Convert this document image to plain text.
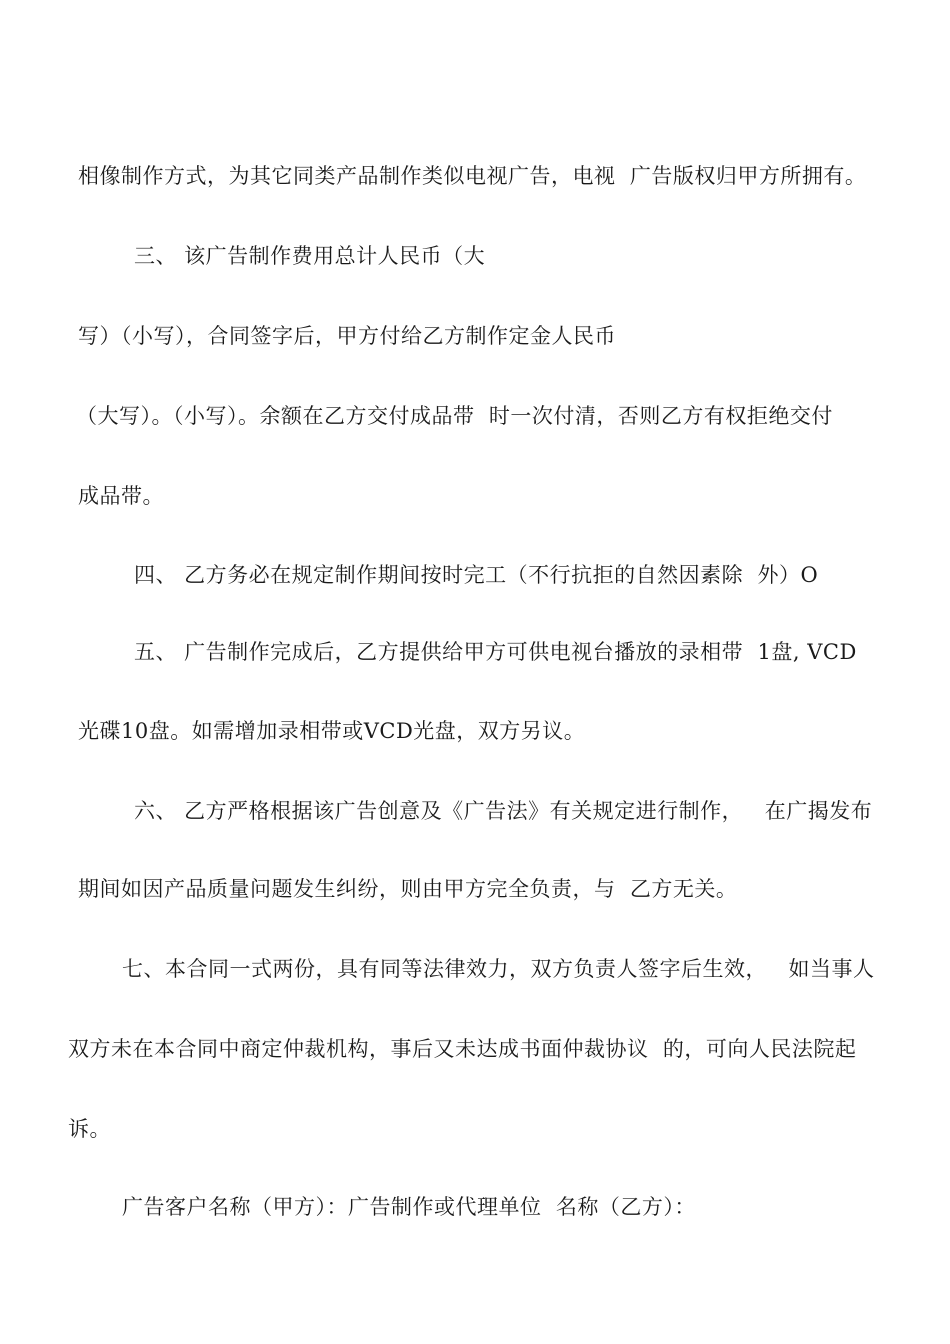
相像制作方式，为其它同类产品制作类似电视广告，电视  广告版权归甲方所拥有。
三、 该广告制作费用总计人民币（大
写）（小写），合同签字后，甲方付给乙方制作定金人民币
（大写）。（小写）。余额在乙方交付成品带  时一次付清，否则乙方有权拒绝交付
成品带。
四、 乙方务必在规定制作期间按时完工（不行抗拒的自然因素除  外）O
五、 广告制作完成后，乙方提供给甲方可供电视台播放的录相带  1盘, VCD
光碟10盘。如需增加录相带或VCD光盘，双方另议。
六、 乙方严格根据该广告创意及《广告法》有关规定进行制作，   在广揭发布
期间如因产品质量问题发生纠纷，则由甲方完全负责，与  乙方无关。
七、本合同一式两份，具有同等法律效力，双方负责人签字后生效，   如当事人
双方未在本合同中商定仲裁机构，事后又未达成书面仲裁协议  的，可向人民法院起
诉。
广告客户名称（甲方）：广告制作或代理单位  名称（乙方）：
